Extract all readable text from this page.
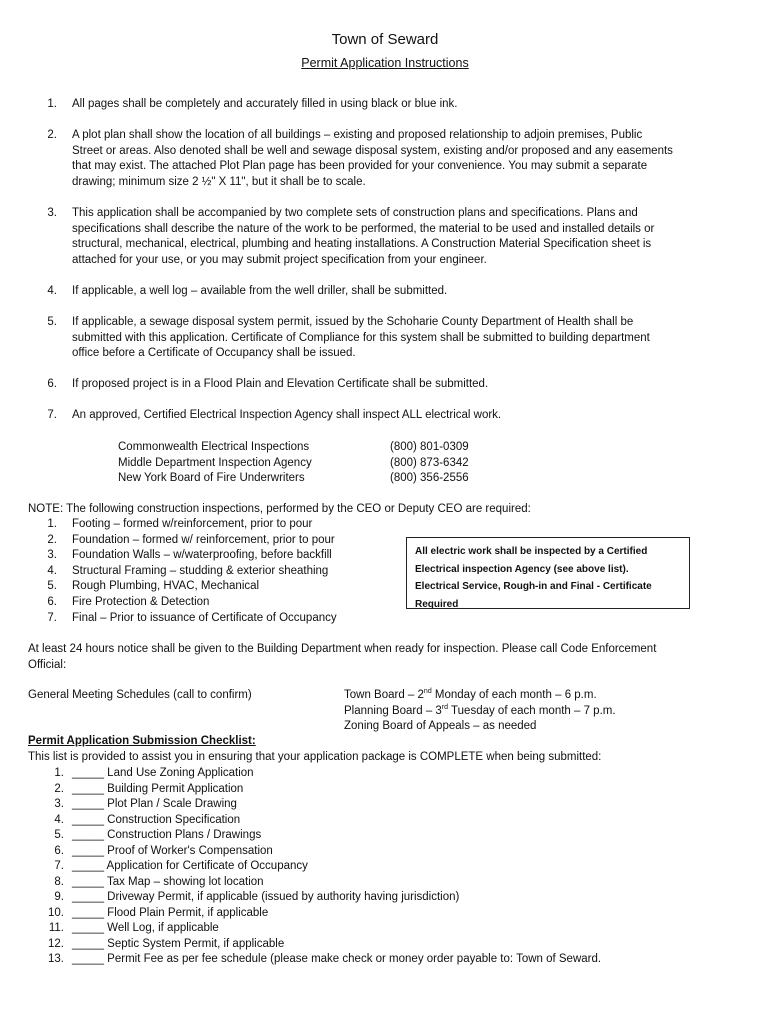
Town of Seward
Permit Application Instructions
1. All pages shall be completely and accurately filled in using black or blue ink.
2. A plot plan shall show the location of all buildings – existing and proposed relationship to adjoin premises, Public
Street or areas. Also denoted shall be well and sewage disposal system, existing and/or proposed and any easements
that may exist. The attached Plot Plan page has been provided for your convenience. You may submit a separate
drawing; minimum size 2 ½" X 11", but it shall be to scale.
3. This application shall be accompanied by two complete sets of construction plans and specifications. Plans and
specifications shall describe the nature of the work to be performed, the material to be used and installed details or
structural, mechanical, electrical, plumbing and heating installations. A Construction Material Specification sheet is
attached for your use, or you may submit project specification from your engineer.
4. If applicable, a well log – available from the well driller, shall be submitted.
5. If applicable, a sewage disposal system permit, issued by the Schoharie County Department of Health shall be
submitted with this application. Certificate of Compliance for this system shall be submitted to building department
office before a Certificate of Occupancy shall be issued.
6. If proposed project is in a Flood Plain and Elevation Certificate shall be submitted.
7. An approved, Certified Electrical Inspection Agency shall inspect ALL electrical work.
Commonwealth Electrical Inspections	(800) 801-0309
Middle Department Inspection Agency	(800) 873-6342
New York Board of Fire Underwriters	(800) 356-2556
NOTE: The following construction inspections, performed by the CEO or Deputy CEO are required:
1. Footing – formed w/reinforcement, prior to pour
2. Foundation – formed w/ reinforcement, prior to pour
3. Foundation Walls – w/waterproofing, before backfill
4. Structural Framing – studding & exterior sheathing
5. Rough Plumbing, HVAC, Mechanical
6. Fire Protection & Detection
7. Final – Prior to issuance of Certificate of Occupancy
All electric work shall be inspected by a Certified
Electrical inspection Agency (see above list).
Electrical Service, Rough-in and Final - Certificate
Required
At least 24 hours notice shall be given to the Building Department when ready for inspection. Please call Code Enforcement
Official:
General Meeting Schedules (call to confirm)	Town Board – 2nd Monday of each month – 6 p.m.
Planning Board – 3rd Tuesday of each month – 7 p.m.
Zoning Board of Appeals – as needed
Permit Application Submission Checklist:
This list is provided to assist you in ensuring that your application package is COMPLETE when being submitted:
1. _____ Land Use Zoning Application
2. _____ Building Permit Application
3. _____ Plot Plan / Scale Drawing
4. _____ Construction Specification
5. _____ Construction Plans / Drawings
6. _____ Proof of Worker's Compensation
7. _____ Application for Certificate of Occupancy
8. _____ Tax Map – showing lot location
9. _____ Driveway Permit, if applicable (issued by authority having jurisdiction)
10. _____ Flood Plain Permit, if applicable
11. _____ Well Log, if applicable
12. _____ Septic System Permit, if applicable
13. _____ Permit Fee as per fee schedule (please make check or money order payable to: Town of Seward.
